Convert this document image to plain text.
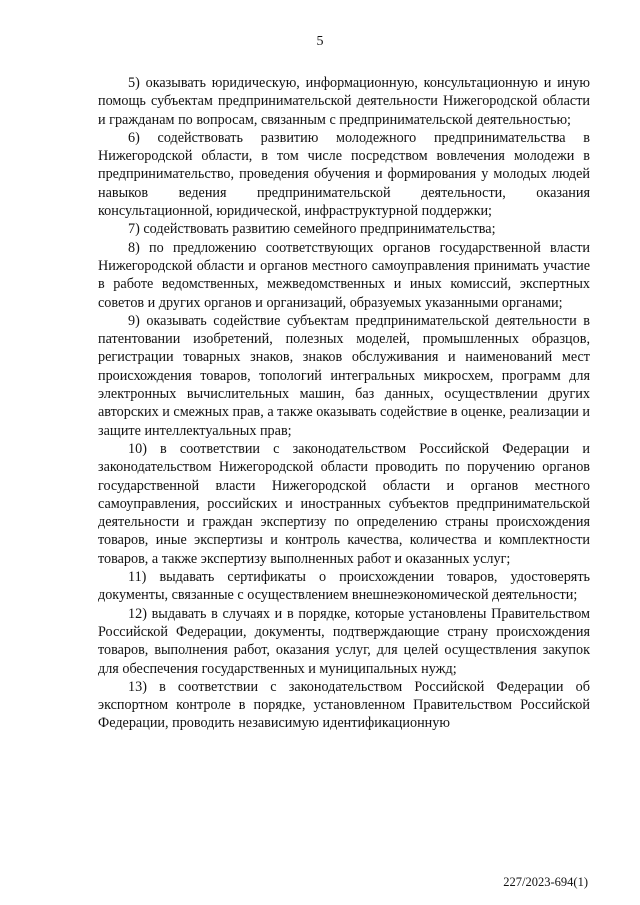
5

5) оказывать юридическую, информационную, консультационную и иную помощь субъектам предпринимательской деятельности Нижегородской области и гражданам по вопросам, связанным с предпринимательской деятельностью;

6) содействовать развитию молодежного предпринимательства в Нижегородской области, в том числе посредством вовлечения молодежи в предпринимательство, проведения обучения и формирования у молодых людей навыков ведения предпринимательской деятельности, оказания консультационной, юридической, инфраструктурной поддержки;

7) содействовать развитию семейного предпринимательства;

8) по предложению соответствующих органов государственной власти Нижегородской области и органов местного самоуправления принимать участие в работе ведомственных, межведомственных и иных комиссий, экспертных советов и других органов и организаций, образуемых указанными органами;

9) оказывать содействие субъектам предпринимательской деятельности в патентовании изобретений, полезных моделей, промышленных образцов, регистрации товарных знаков, знаков обслуживания и наименований мест происхождения товаров, топологий интегральных микросхем, программ для электронных вычислительных машин, баз данных, осуществлении других авторских и смежных прав, а также оказывать содействие в оценке, реализации и защите интеллектуальных прав;

10) в соответствии с законодательством Российской Федерации и законодательством Нижегородской области проводить по поручению органов государственной власти Нижегородской области и органов местного самоуправления, российских и иностранных субъектов предпринимательской деятельности и граждан экспертизу по определению страны происхождения товаров, иные экспертизы и контроль качества, количества и комплектности товаров, а также экспертизу выполненных работ и оказанных услуг;

11) выдавать сертификаты о происхождении товаров, удостоверять документы, связанные с осуществлением внешнеэкономической деятельности;

12) выдавать в случаях и в порядке, которые установлены Правительством Российской Федерации, документы, подтверждающие страну происхождения товаров, выполнения работ, оказания услуг, для целей осуществления закупок для обеспечения государственных и муниципальных нужд;

13) в соответствии с законодательством Российской Федерации об экспортном контроле в порядке, установленном Правительством Российской Федерации, проводить независимую идентификационную

227/2023-694(1)
